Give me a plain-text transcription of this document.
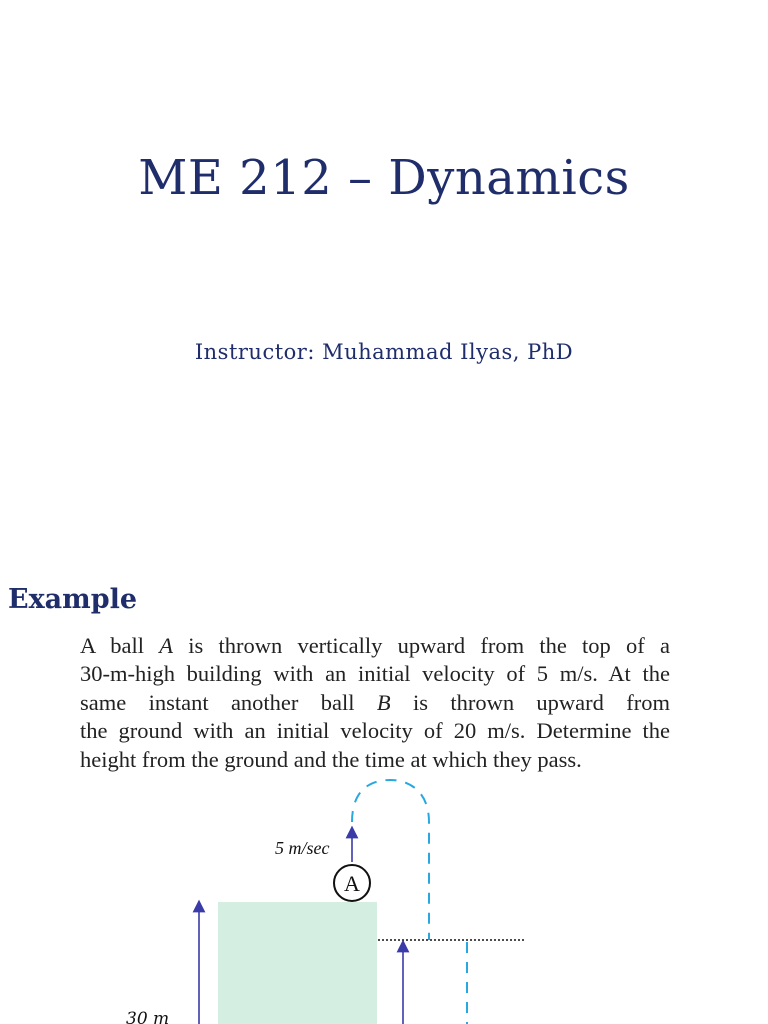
ME 212 – Dynamics
Instructor: Muhammad Ilyas, PhD
Example
A ball A is thrown vertically upward from the top of a
30-m-high building with an initial velocity of 5 m/s. At the
same instant another ball B is thrown upward from
the ground with an initial velocity of 20 m/s. Determine the
height from the ground and the time at which they pass.
30 m
5 m/sec
A
